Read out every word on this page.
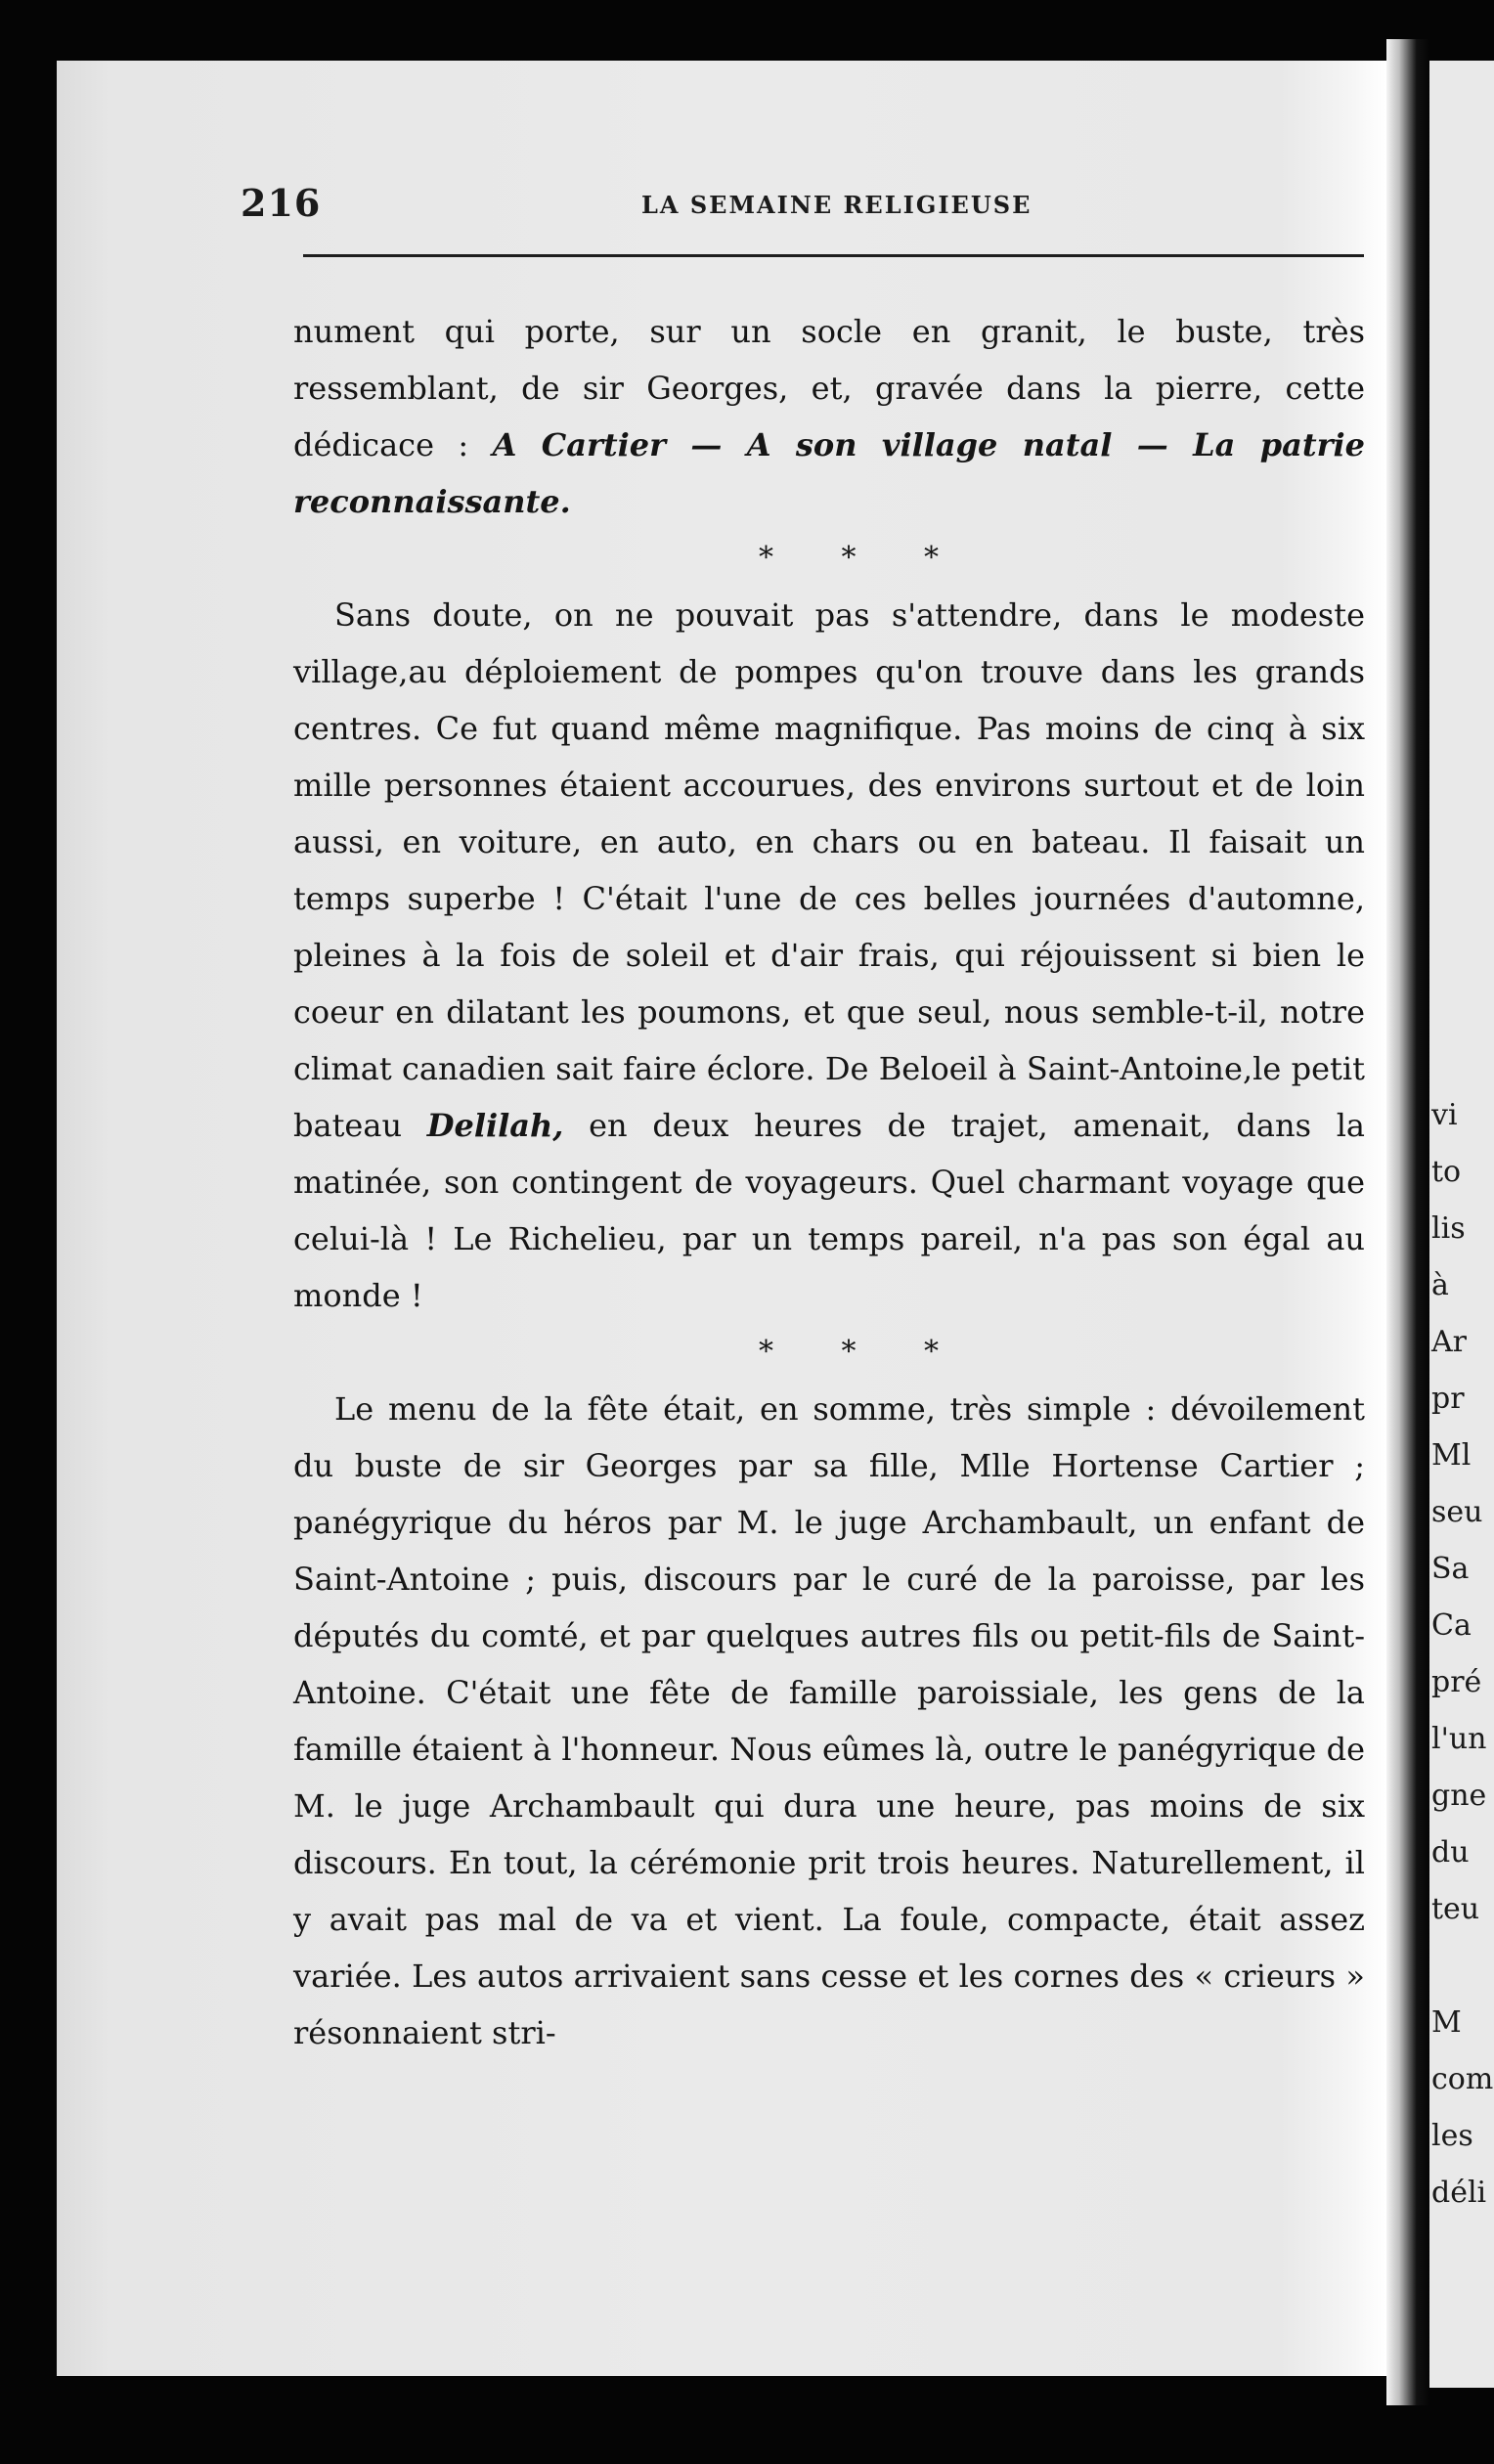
vi
to
lis
à
Ar
pr
Ml
seu
Sa
Ca
pré
l'un
gne
du
teu
M
com
les
déli
216	LA SEMAINE RELIGIEUSE

nument qui porte, sur un socle en granit, le buste, très ressemblant, de sir Georges, et, gravée dans la pierre, cette dédicace : A Cartier — A son village natal — La patrie reconnaissante.

* * *

Sans doute, on ne pouvait pas s'attendre, dans le modeste village,au déploiement de pompes qu'on trouve dans les grands centres. Ce fut quand même magnifique. Pas moins de cinq à six mille personnes étaient accourues, des environs surtout et de loin aussi, en voiture, en auto, en chars ou en bateau. Il faisait un temps superbe ! C'était l'une de ces belles journées d'automne, pleines à la fois de soleil et d'air frais, qui réjouissent si bien le coeur en dilatant les poumons, et que seul, nous semble-t-il, notre climat canadien sait faire éclore. De Beloeil à Saint-Antoine,le petit bateau Delilah, en deux heures de trajet, amenait, dans la matinée, son contingent de voyageurs. Quel charmant voyage que celui-là ! Le Richelieu, par un temps pareil, n'a pas son égal au monde !

* * *

Le menu de la fête était, en somme, très simple : dévoilement du buste de sir Georges par sa fille, Mlle Hortense Cartier ; panégyrique du héros par M. le juge Archambault, un enfant de Saint-Antoine ; puis, discours par le curé de la paroisse, par les députés du comté, et par quelques autres fils ou petit-fils de Saint-Antoine. C'était une fête de famille paroissiale, les gens de la famille étaient à l'honneur. Nous eûmes là, outre le panégyrique de M. le juge Archambault qui dura une heure, pas moins de six discours. En tout, la cérémonie prit trois heures. Naturellement, il y avait pas mal de va et vient. La foule, compacte, était assez variée. Les autos arrivaient sans cesse et les cornes des « crieurs » résonnaient stri-
